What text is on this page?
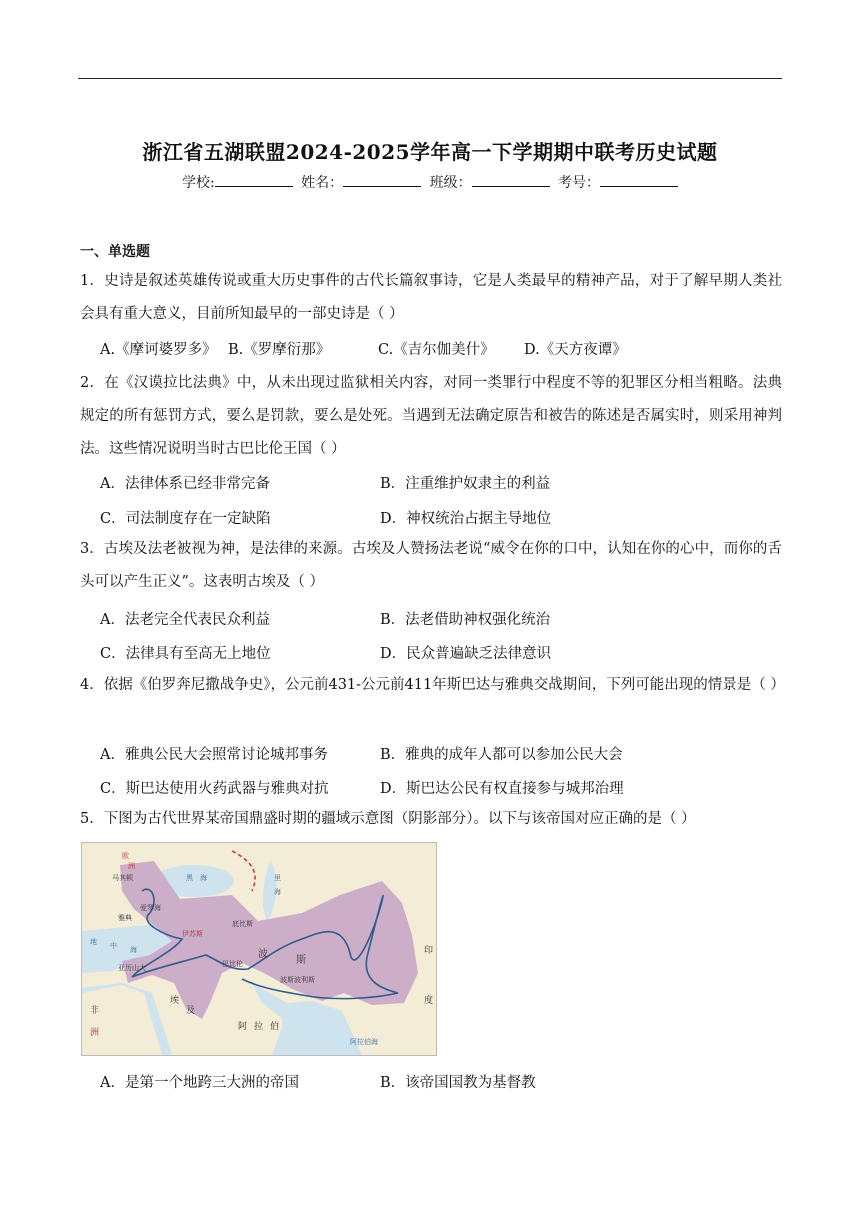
浙江省五湖联盟2024-2025学年高一下学期期中联考历史试题
学校:	姓名：	班级：	考号：
一、单选题
1．史诗是叙述英雄传说或重大历史事件的古代长篇叙事诗，它是人类最早的精神产品，对于了解早期人类社会具有重大意义，目前所知最早的一部史诗是（ ）
A.《摩诃婆罗多》 B.《罗摩衍那》	C.《吉尔伽美什》 D.《天方夜谭》
2．在《汉谟拉比法典》中，从未出现过监狱相关内容，对同一类罪行中程度不等的犯罪区分相当粗略。法典规定的所有惩罚方式，要么是罚款，要么是处死。当遇到无法确定原告和被告的陈述是否属实时，则采用神判法。这些情况说明当时古巴比伦王国（ ）
A．法律体系已经非常完备	B．注重维护奴隶主的利益
C．司法制度存在一定缺陷	D．神权统治占据主导地位
3．古埃及法老被视为神，是法律的来源。古埃及人赞扬法老说“威令在你的口中，认知在你的心中，而你的舌头可以产生正义”。这表明古埃及（ ）
A．法老完全代表民众利益	B．法老借助神权强化统治
C．法律具有至高无上地位	D．民众普遍缺乏法律意识
4．依据《伯罗奔尼撒战争史》，公元前431-公元前411年斯巴达与雅典交战期间，下列可能出现的情景是（ ）
A．雅典公民大会照常讨论城邦事务	B．雅典的成年人都可以参加公民大会
C．斯巴达使用火药武器与雅典对抗	D．斯巴达公民有权直接参与城邦治理
5．下图为古代世界某帝国鼎盛时期的疆域示意图（阴影部分）。以下与该帝国对应正确的是（ ）
欧
洲
马其顿
雅典
爱琴海
黑 海	里
海
地 中 海
底比斯
伊苏斯
巴比伦
波
斯
波斯波利斯
埃
及
亚历山大
阿 拉 伯
印
度
非
洲
阿拉伯海
A．是第一个地跨三大洲的帝国	B．该帝国国教为基督教
